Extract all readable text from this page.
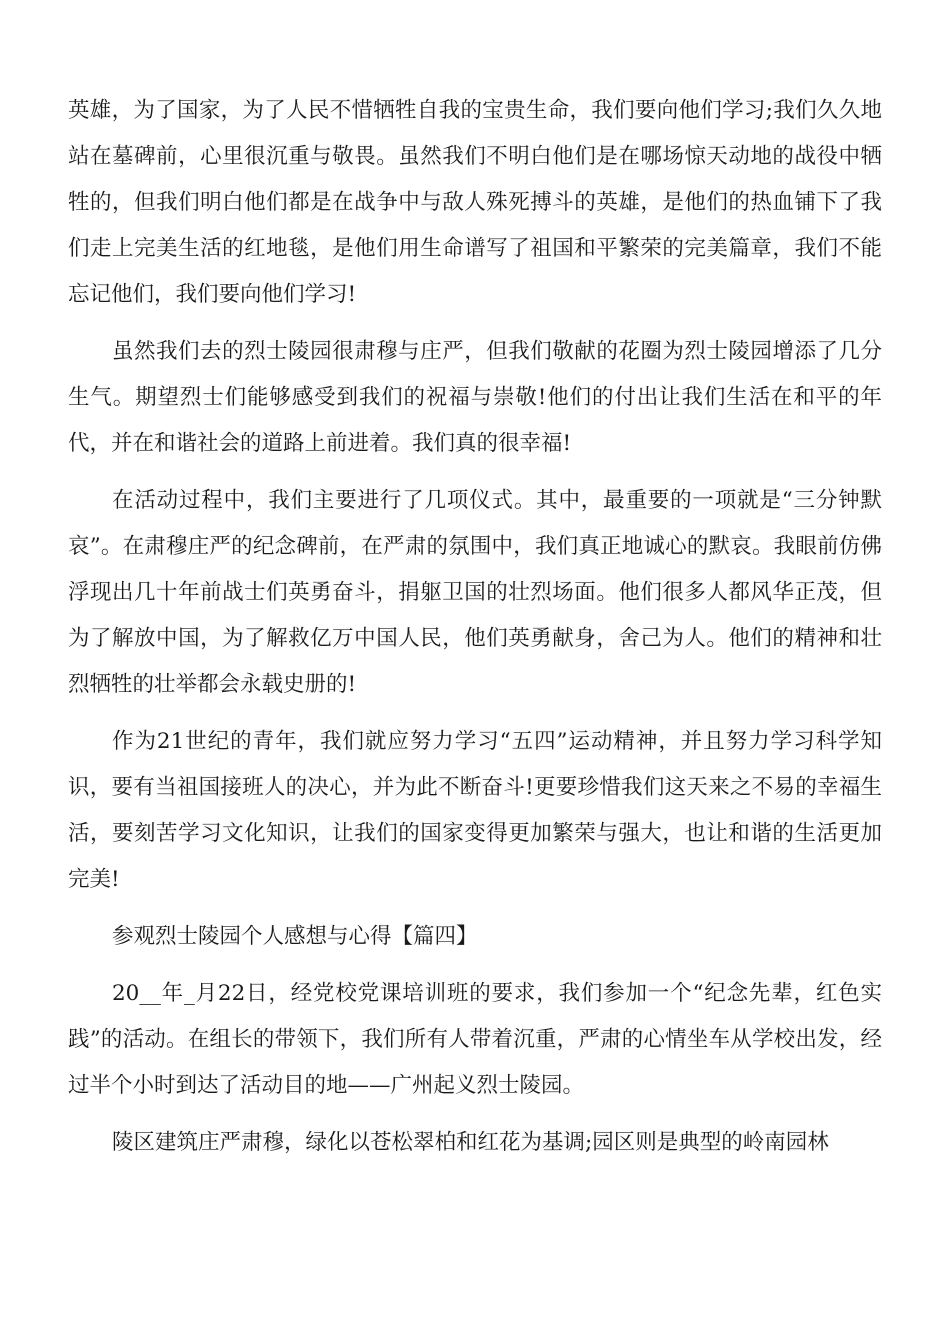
英雄，为了国家，为了人民不惜牺牲自我的宝贵生命，我们要向他们学习;我们久久地站在墓碑前，心里很沉重与敬畏。虽然我们不明白他们是在哪场惊天动地的战役中牺牲的，但我们明白他们都是在战争中与敌人殊死搏斗的英雄，是他们的热血铺下了我们走上完美生活的红地毯，是他们用生命谱写了祖国和平繁荣的完美篇章，我们不能忘记他们，我们要向他们学习!

虽然我们去的烈士陵园很肃穆与庄严，但我们敬献的花圈为烈士陵园增添了几分生气。期望烈士们能够感受到我们的祝福与崇敬!他们的付出让我们生活在和平的年代，并在和谐社会的道路上前进着。我们真的很幸福!

在活动过程中，我们主要进行了几项仪式。其中，最重要的一项就是“三分钟默哀”。在肃穆庄严的纪念碑前，在严肃的氛围中，我们真正地诚心的默哀。我眼前仿佛浮现出几十年前战士们英勇奋斗，捐躯卫国的壮烈场面。他们很多人都风华正茂，但为了解放中国，为了解救亿万中国人民，他们英勇献身，舍己为人。他们的精神和壮烈牺牲的壮举都会永载史册的!

作为21世纪的青年，我们就应努力学习“五四”运动精神，并且努力学习科学知识，要有当祖国接班人的决心，并为此不断奋斗!更要珍惜我们这天来之不易的幸福生活，要刻苦学习文化知识，让我们的国家变得更加繁荣与强大，也让和谐的生活更加完美!

参观烈士陵园个人感想与心得【篇四】

20__年_月22日，经党校党课培训班的要求，我们参加一个“纪念先辈，红色实践”的活动。在组长的带领下，我们所有人带着沉重，严肃的心情坐车从学校出发，经过半个小时到达了活动目的地——广州起义烈士陵园。

陵区建筑庄严肃穆，绿化以苍松翠柏和红花为基调;园区则是典型的岭南园林
